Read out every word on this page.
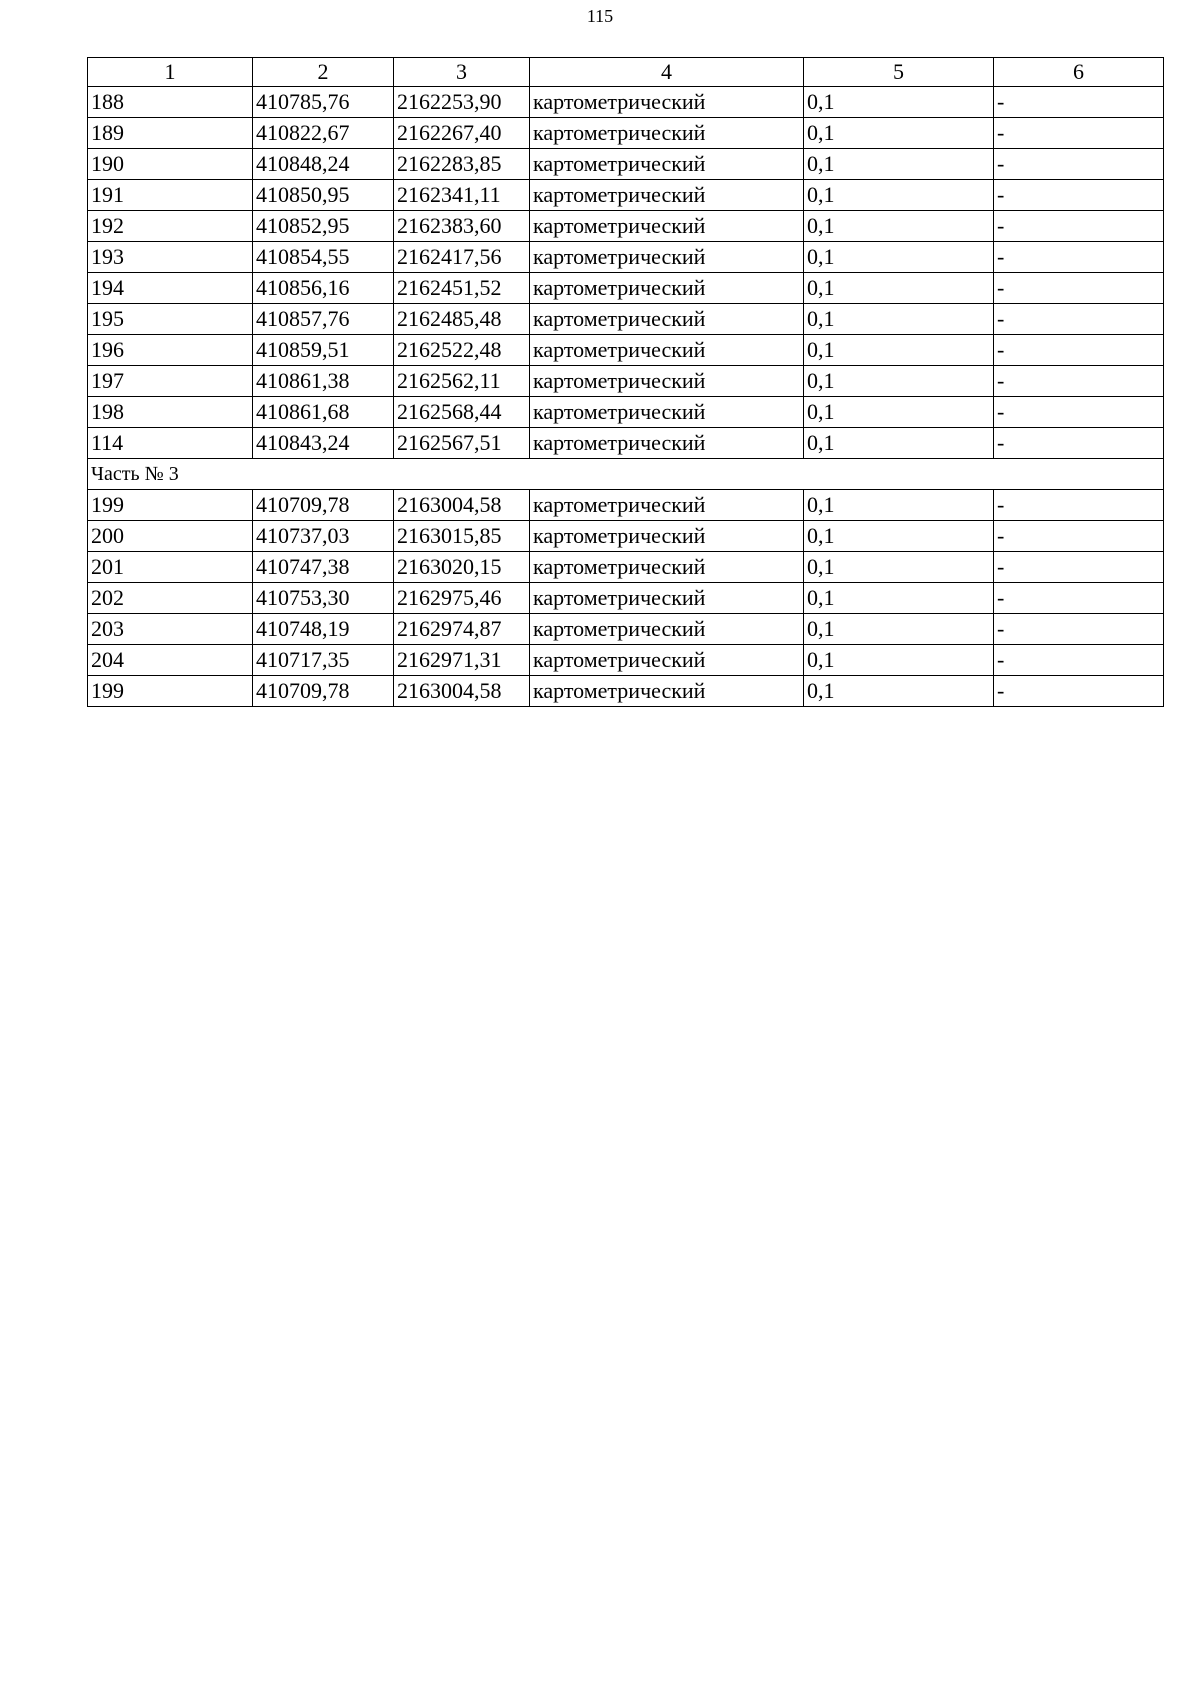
115
1	2	3	4	5	6
188	410785,76	2162253,90	картометрический	0,1	-
189	410822,67	2162267,40	картометрический	0,1	-
190	410848,24	2162283,85	картометрический	0,1	-
191	410850,95	2162341,11	картометрический	0,1	-
192	410852,95	2162383,60	картометрический	0,1	-
193	410854,55	2162417,56	картометрический	0,1	-
194	410856,16	2162451,52	картометрический	0,1	-
195	410857,76	2162485,48	картометрический	0,1	-
196	410859,51	2162522,48	картометрический	0,1	-
197	410861,38	2162562,11	картометрический	0,1	-
198	410861,68	2162568,44	картометрический	0,1	-
114	410843,24	2162567,51	картометрический	0,1	-
Часть № 3					
199	410709,78	2163004,58	картометрический	0,1	-
200	410737,03	2163015,85	картометрический	0,1	-
201	410747,38	2163020,15	картометрический	0,1	-
202	410753,30	2162975,46	картометрический	0,1	-
203	410748,19	2162974,87	картометрический	0,1	-
204	410717,35	2162971,31	картометрический	0,1	-
199	410709,78	2163004,58	картометрический	0,1	-
